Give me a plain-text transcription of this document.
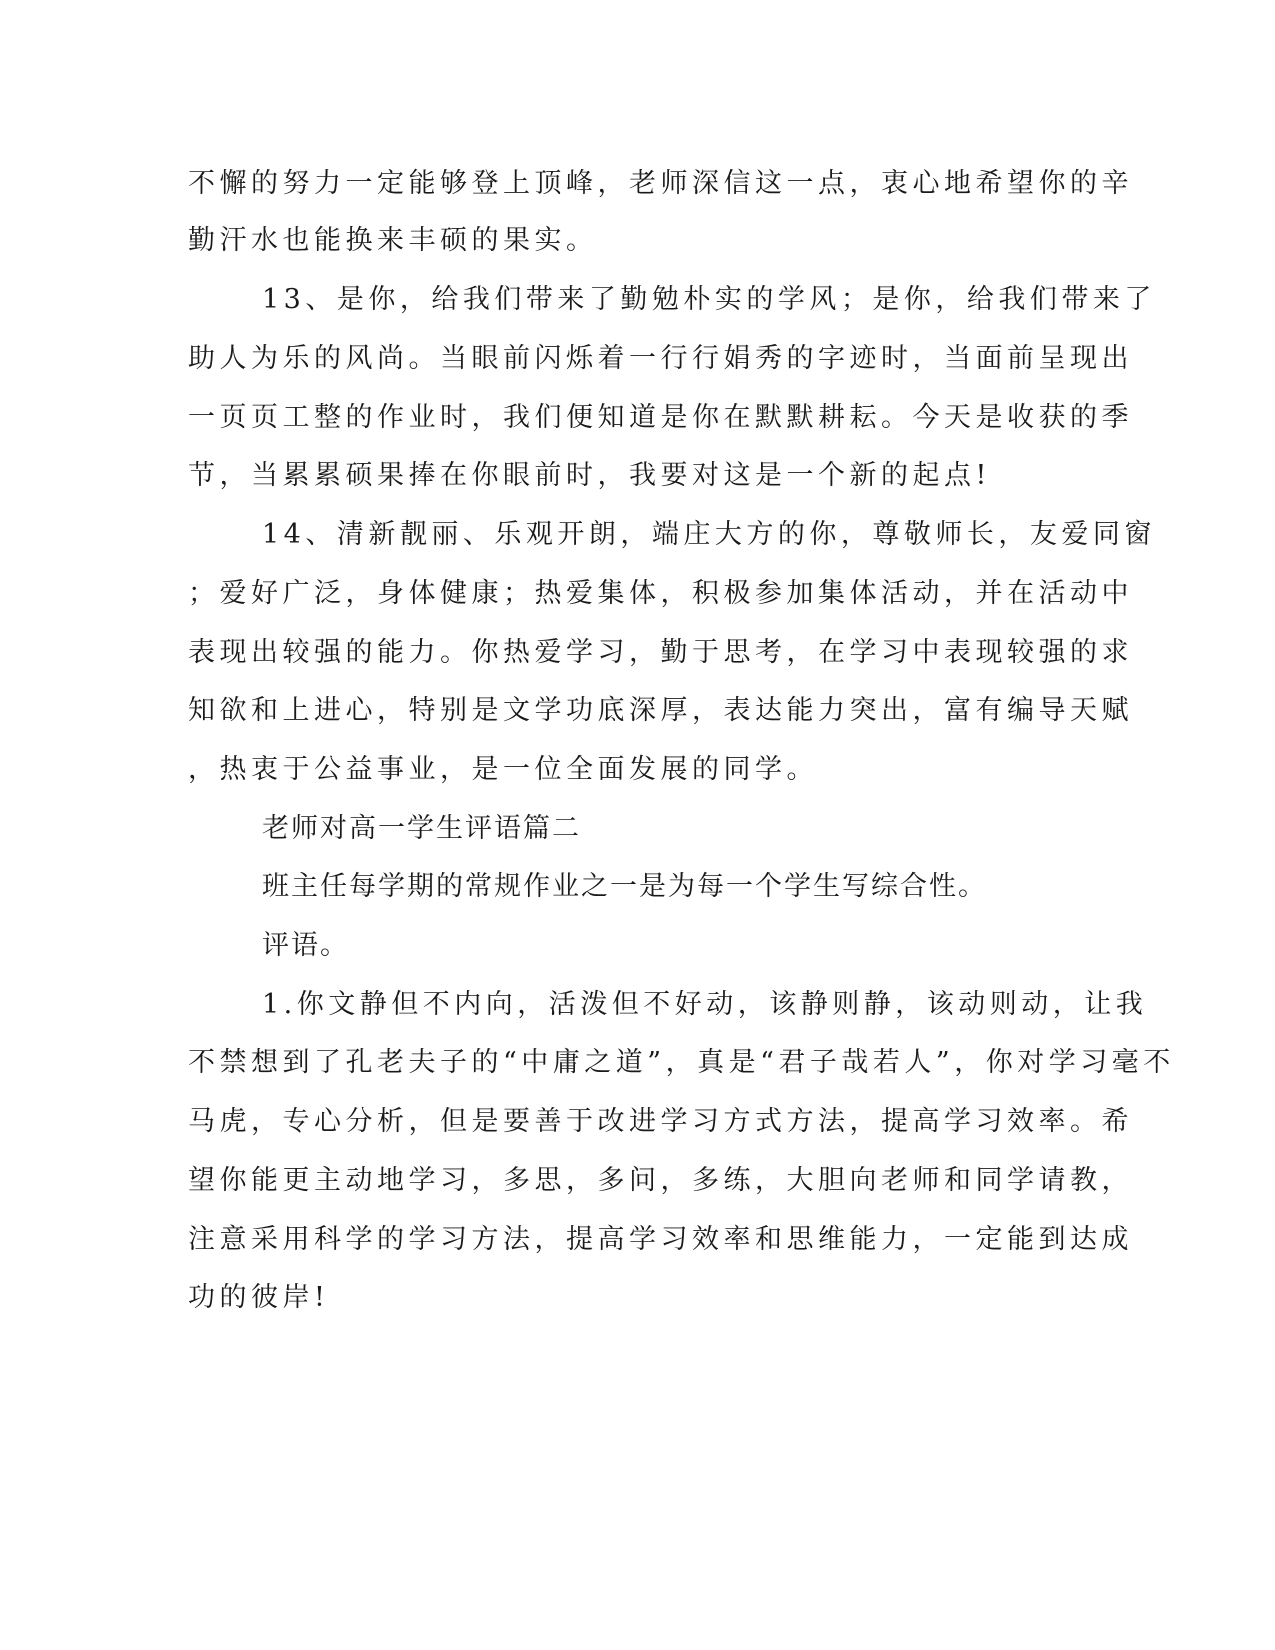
不懈的努力一定能够登上顶峰，老师深信这一点，衷心地希望你的辛
勤汗水也能换来丰硕的果实。
13、是你，给我们带来了勤勉朴实的学风；是你，给我们带来了
助人为乐的风尚。当眼前闪烁着一行行娟秀的字迹时，当面前呈现出
一页页工整的作业时，我们便知道是你在默默耕耘。今天是收获的季
节，当累累硕果捧在你眼前时，我要对这是一个新的起点!
14、清新靓丽、乐观开朗，端庄大方的你，尊敬师长，友爱同窗
；爱好广泛，身体健康；热爱集体，积极参加集体活动，并在活动中
表现出较强的能力。你热爱学习，勤于思考，在学习中表现较强的求
知欲和上进心，特别是文学功底深厚，表达能力突出，富有编导天赋
，热衷于公益事业，是一位全面发展的同学。
老师对高一学生评语篇二
班主任每学期的常规作业之一是为每一个学生写综合性。
评语。
1.你文静但不内向，活泼但不好动，该静则静，该动则动，让我
不禁想到了孔老夫子的“中庸之道”，真是“君子哉若人”，你对学习毫不
马虎，专心分析，但是要善于改进学习方式方法，提高学习效率。希
望你能更主动地学习，多思，多问，多练，大胆向老师和同学请教，
注意采用科学的学习方法，提高学习效率和思维能力，一定能到达成
功的彼岸!
